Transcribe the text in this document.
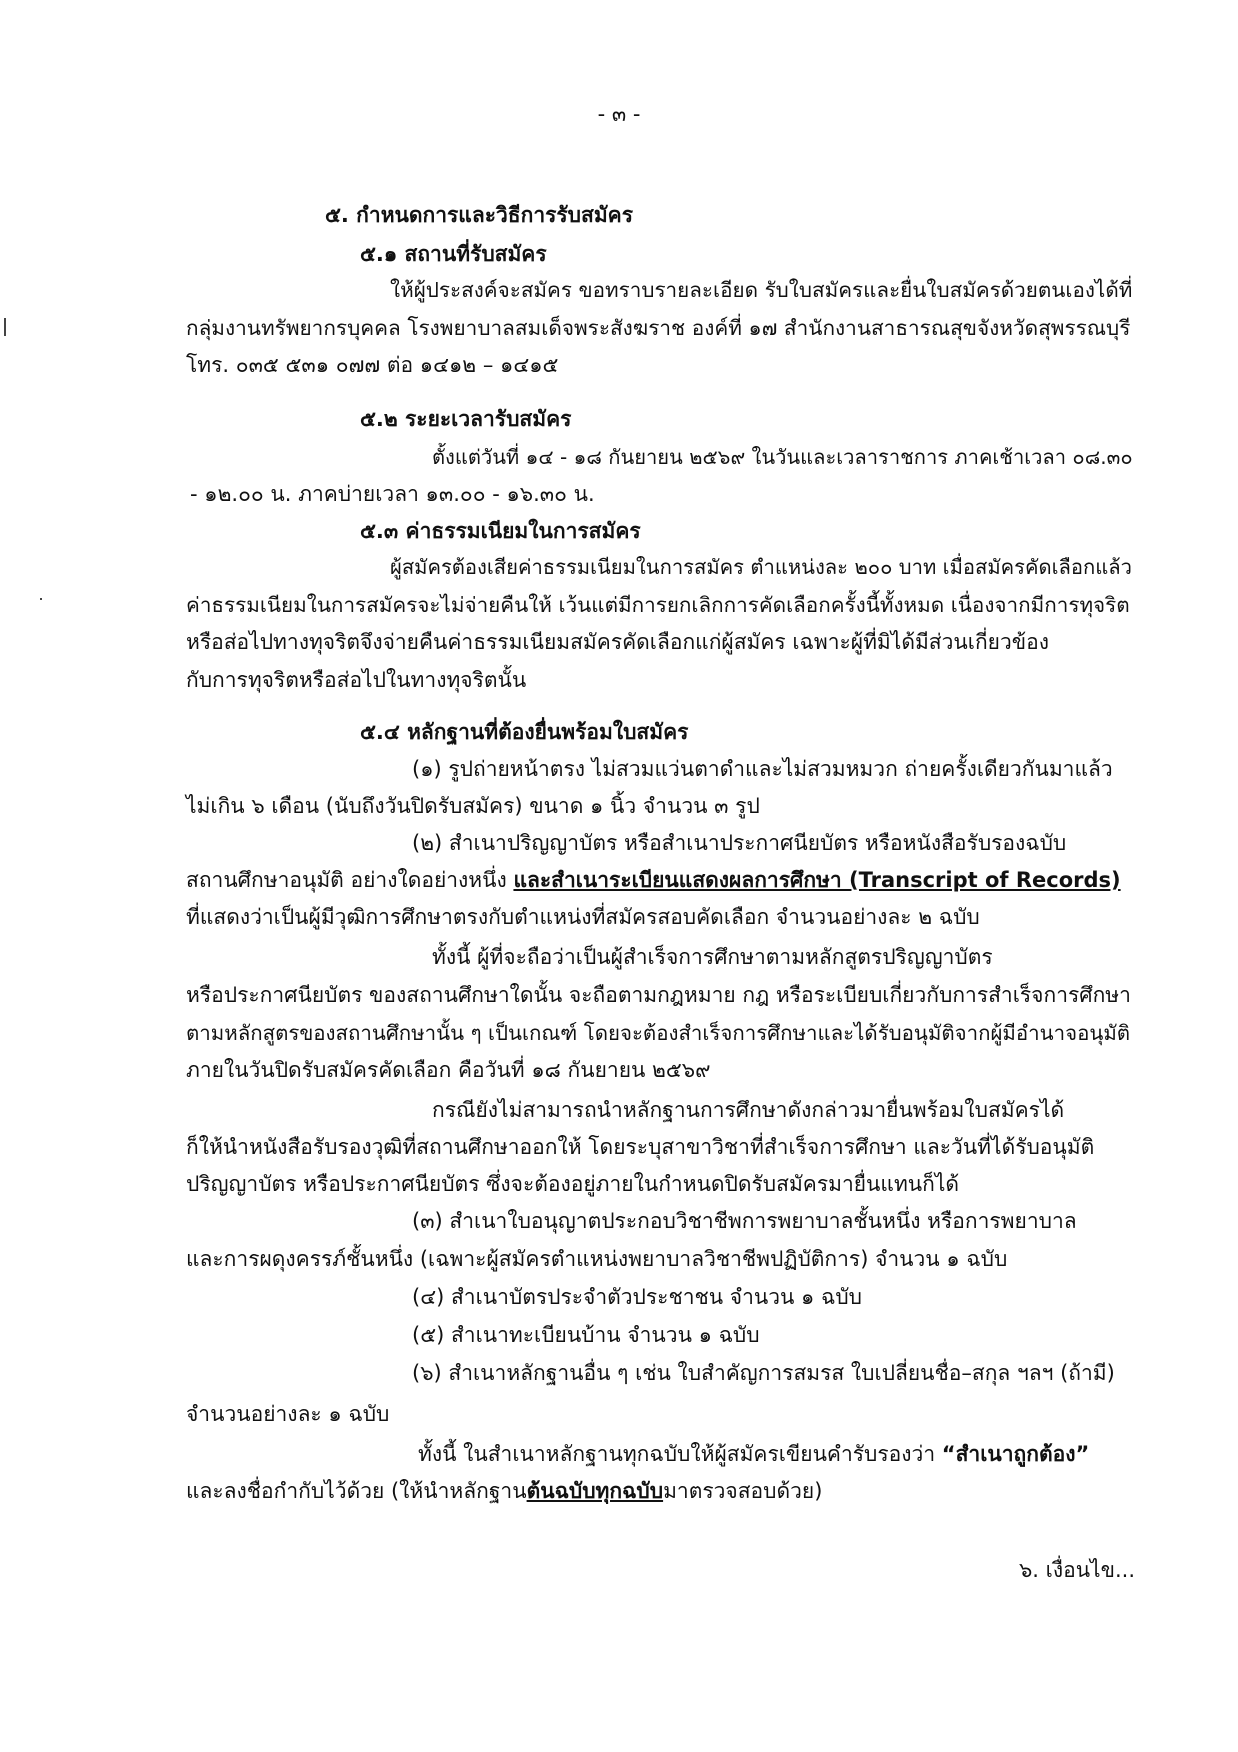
- ๓ -
๕. กำหนดการและวิธีการรับสมัคร
๕.๑ สถานที่รับสมัคร
ให้ผู้ประสงค์จะสมัคร ขอทราบรายละเอียด รับใบสมัครและยื่นใบสมัครด้วยตนเองได้ที่
กลุ่มงานทรัพยากรบุคคล โรงพยาบาลสมเด็จพระสังฆราช องค์ที่ ๑๗ สำนักงานสาธารณสุขจังหวัดสุพรรณบุรี
โทร. ๐๓๕ ๕๓๑ ๐๗๗ ต่อ ๑๔๑๒ – ๑๔๑๕
๕.๒ ระยะเวลารับสมัคร
ตั้งแต่วันที่ ๑๔ - ๑๘ กันยายน ๒๕๖๙ ในวันและเวลาราชการ ภาคเช้าเวลา ๐๘.๓๐
- ๑๒.๐๐ น. ภาคบ่ายเวลา ๑๓.๐๐ - ๑๖.๓๐ น.
๕.๓ ค่าธรรมเนียมในการสมัคร
ผู้สมัครต้องเสียค่าธรรมเนียมในการสมัคร ตำแหน่งละ ๒๐๐ บาท เมื่อสมัครคัดเลือกแล้ว
ค่าธรรมเนียมในการสมัครจะไม่จ่ายคืนให้ เว้นแต่มีการยกเลิกการคัดเลือกครั้งนี้ทั้งหมด เนื่องจากมีการทุจริต
หรือส่อไปทางทุจริตจึงจ่ายคืนค่าธรรมเนียมสมัครคัดเลือกแก่ผู้สมัคร เฉพาะผู้ที่มิได้มีส่วนเกี่ยวข้อง
กับการทุจริตหรือส่อไปในทางทุจริตนั้น
๕.๔ หลักฐานที่ต้องยื่นพร้อมใบสมัคร
(๑) รูปถ่ายหน้าตรง ไม่สวมแว่นตาดำและไม่สวมหมวก ถ่ายครั้งเดียวกันมาแล้ว
ไม่เกิน ๖ เดือน (นับถึงวันปิดรับสมัคร) ขนาด ๑ นิ้ว จำนวน ๓ รูป
(๒) สำเนาปริญญาบัตร หรือสำเนาประกาศนียบัตร หรือหนังสือรับรองฉบับ
สถานศึกษาอนุมัติ อย่างใดอย่างหนึ่ง และสำเนาระเบียนแสดงผลการศึกษา (Transcript of Records)
ที่แสดงว่าเป็นผู้มีวุฒิการศึกษาตรงกับตำแหน่งที่สมัครสอบคัดเลือก จำนวนอย่างละ ๒ ฉบับ
ทั้งนี้ ผู้ที่จะถือว่าเป็นผู้สำเร็จการศึกษาตามหลักสูตรปริญญาบัตร
หรือประกาศนียบัตร ของสถานศึกษาใดนั้น จะถือตามกฎหมาย กฎ หรือระเบียบเกี่ยวกับการสำเร็จการศึกษา
ตามหลักสูตรของสถานศึกษานั้น ๆ เป็นเกณฑ์ โดยจะต้องสำเร็จการศึกษาและได้รับอนุมัติจากผู้มีอำนาจอนุมัติ
ภายในวันปิดรับสมัครคัดเลือก คือวันที่ ๑๘ กันยายน ๒๕๖๙
กรณียังไม่สามารถนำหลักฐานการศึกษาดังกล่าวมายื่นพร้อมใบสมัครได้
ก็ให้นำหนังสือรับรองวุฒิที่สถานศึกษาออกให้ โดยระบุสาขาวิชาที่สำเร็จการศึกษา และวันที่ได้รับอนุมัติ
ปริญญาบัตร หรือประกาศนียบัตร ซึ่งจะต้องอยู่ภายในกำหนดปิดรับสมัครมายื่นแทนก็ได้
(๓) สำเนาใบอนุญาตประกอบวิชาชีพการพยาบาลชั้นหนึ่ง หรือการพยาบาล
และการผดุงครรภ์ชั้นหนึ่ง (เฉพาะผู้สมัครตำแหน่งพยาบาลวิชาชีพปฏิบัติการ) จำนวน ๑ ฉบับ
(๔) สำเนาบัตรประจำตัวประชาชน จำนวน ๑ ฉบับ
(๕) สำเนาทะเบียนบ้าน จำนวน ๑ ฉบับ
(๖) สำเนาหลักฐานอื่น ๆ เช่น ใบสำคัญการสมรส ใบเปลี่ยนชื่อ–สกุล ฯลฯ (ถ้ามี)
จำนวนอย่างละ ๑ ฉบับ
ทั้งนี้ ในสำเนาหลักฐานทุกฉบับให้ผู้สมัครเขียนคำรับรองว่า “สำเนาถูกต้อง”
และลงชื่อกำกับไว้ด้วย (ให้นำหลักฐานต้นฉบับทุกฉบับมาตรวจสอบด้วย)
๖. เงื่อนไข...
